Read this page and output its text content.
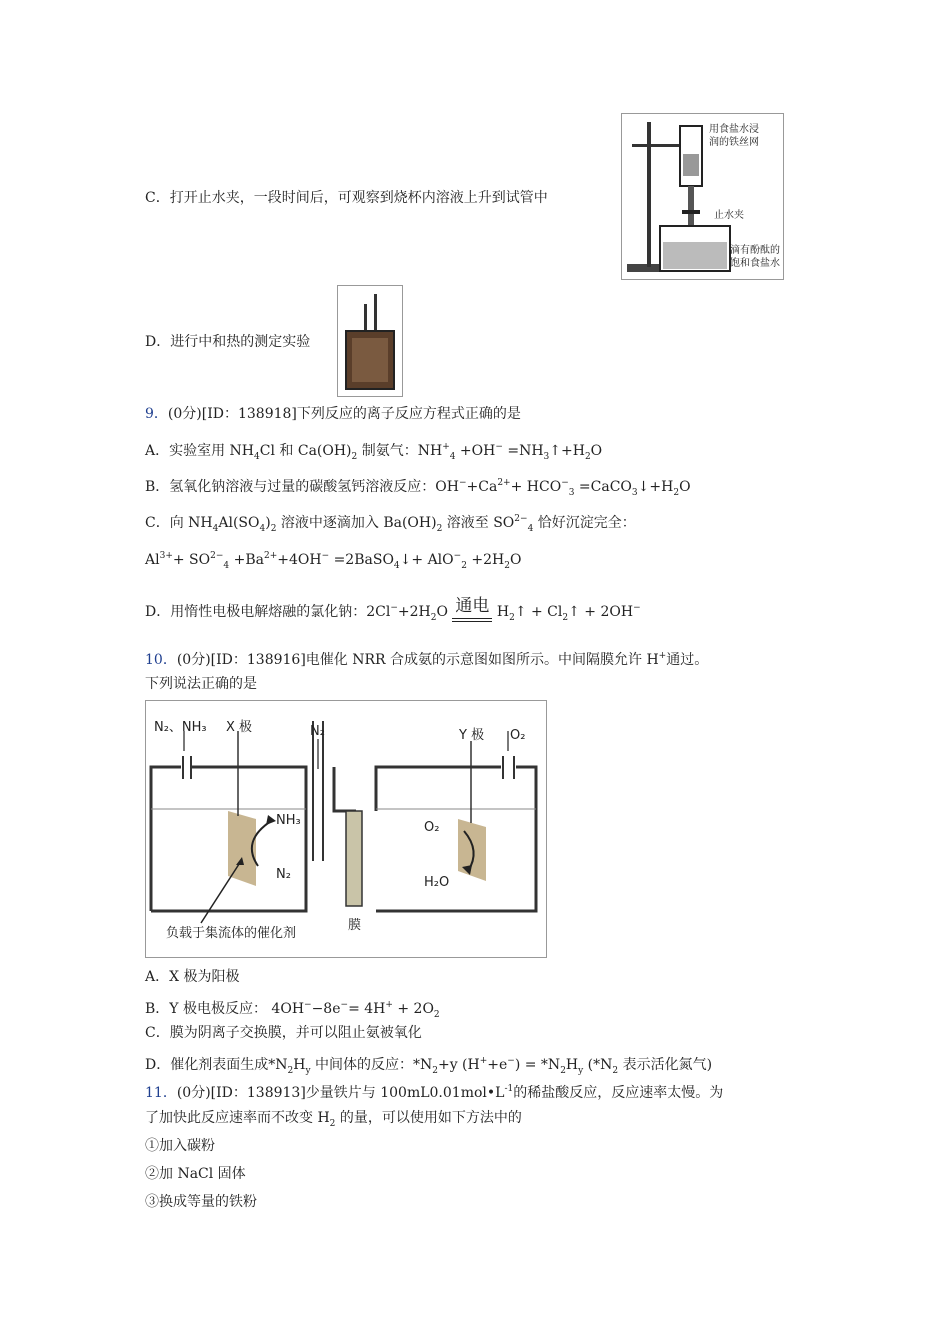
C．打开止水夹，一段时间后，可观察到烧杯内溶液上升到试管中
用食盐水浸
润的铁丝网
止水夹
滴有酚酞的
饱和食盐水
D．进行中和热的测定实验
9．(0分)[ID：138918]下列反应的离子反应方程式正确的是
A．实验室用 $NH_4Cl$ 和 $Ca(OH)_2$ 制氨气：$NH^+_4 +OH^-$ $=NH_3↑+H_2O$
B．氢氧化钠溶液与过量的碳酸氢钙溶液反应：$OH^-+Ca^{2+}+ HCO^-_3$ $=CaCO_3↓+H_2O$
C．向 $NH_4Al(SO_4)_2$ 溶液中逐滴加入 $Ba(OH)_2$ 溶液至 $SO^{2-}_4$ 恰好沉淀完全：
$Al^{3+}+ SO^{2-}_4 +Ba^{2+}+4OH^-$ =2BaSO$_4$↓+ $AlO^-_2 +2H_2O$
D．用惰性电极电解熔融的氯化钠：$2Cl^-+2H_2O$ 通电 $H_2↑$ + $Cl_2↑ + 2OH^-$
10．(0分)[ID：138916]电催化 NRR 合成氨的示意图如图所示。中间隔膜允许 H+通过。
下列说法正确的是
N₂、NH₃ X 极	N₂	Y 极 O₂
NH₃
N₂
O₂
H₂O
负载于集流体的催化剂
膜
A．X 极为阳极
B．Y 极电极反应： $4OH^--8e^-= 4H^+ + 2O_2$
C．膜为阴离子交换膜，并可以阻止氨被氧化
D．催化剂表面生成$*N_2H_y$ 中间体的反应：$*N_2+y$ $(H^++e^-) = *N_2H_y$ ($*N_2$ 表示活化氮气)
11．(0分)[ID：138913]少量铁片与 $100mL0.01mol•L^{-1}$的稀盐酸反应，反应速率太慢。为
了加快此反应速率而不改变 $H_2$ 的量，可以使用如下方法中的
①加入碳粉
②加 NaCl 固体
③换成等量的铁粉
